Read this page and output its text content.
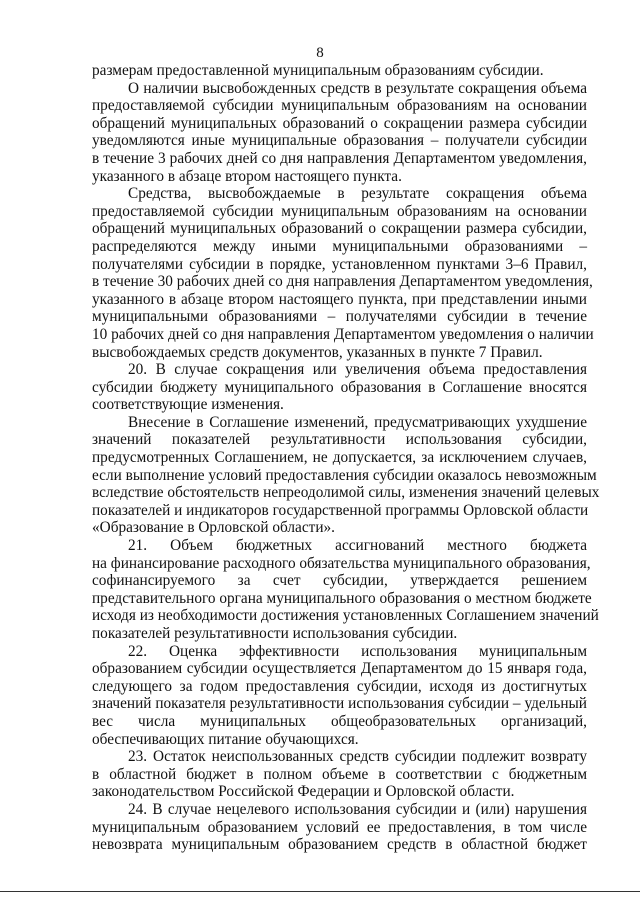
8
размерам предоставленной муниципальным образованиям субсидии.
О наличии высвобожденных средств в результате сокращения объема
предоставляемой субсидии муниципальным образованиям на основании
обращений муниципальных образований о сокращении размера субсидии
уведомляются иные муниципальные образования – получатели субсидии
в течение 3 рабочих дней со дня направления Департаментом уведомления,
указанного в абзаце втором настоящего пункта.
Средства, высвобождаемые в результате сокращения объема
предоставляемой субсидии муниципальным образованиям на основании
обращений муниципальных образований о сокращении размера субсидии,
распределяются между иными муниципальными образованиями –
получателями субсидии в порядке, установленном пунктами 3–6 Правил,
в течение 30 рабочих дней со дня направления Департаментом уведомления,
указанного в абзаце втором настоящего пункта, при представлении иными
муниципальными образованиями – получателями субсидии в течение
10 рабочих дней со дня направления Департаментом уведомления о наличии
высвобождаемых средств документов, указанных в пункте 7 Правил.
20. В случае сокращения или увеличения объема предоставления
субсидии бюджету муниципального образования в Соглашение вносятся
соответствующие изменения.
Внесение в Соглашение изменений, предусматривающих ухудшение
значений показателей результативности использования субсидии,
предусмотренных Соглашением, не допускается, за исключением случаев,
если выполнение условий предоставления субсидии оказалось невозможным
вследствие обстоятельств непреодолимой силы, изменения значений целевых
показателей и индикаторов государственной программы Орловской области
«Образование в Орловской области».
21. Объем бюджетных ассигнований местного бюджета
на финансирование расходного обязательства муниципального образования,
софинансируемого за счет субсидии, утверждается решением
представительного органа муниципального образования о местном бюджете
исходя из необходимости достижения установленных Соглашением значений
показателей результативности использования субсидии.
22. Оценка эффективности использования муниципальным
образованием субсидии осуществляется Департаментом до 15 января года,
следующего за годом предоставления субсидии, исходя из достигнутых
значений показателя результативности использования субсидии – удельный
вес числа муниципальных общеобразовательных организаций,
обеспечивающих питание обучающихся.
23. Остаток неиспользованных средств субсидии подлежит возврату
в областной бюджет в полном объеме в соответствии с бюджетным
законодательством Российской Федерации и Орловской области.
24. В случае нецелевого использования субсидии и (или) нарушения
муниципальным образованием условий ее предоставления, в том числе
невозврата муниципальным образованием средств в областной бюджет
